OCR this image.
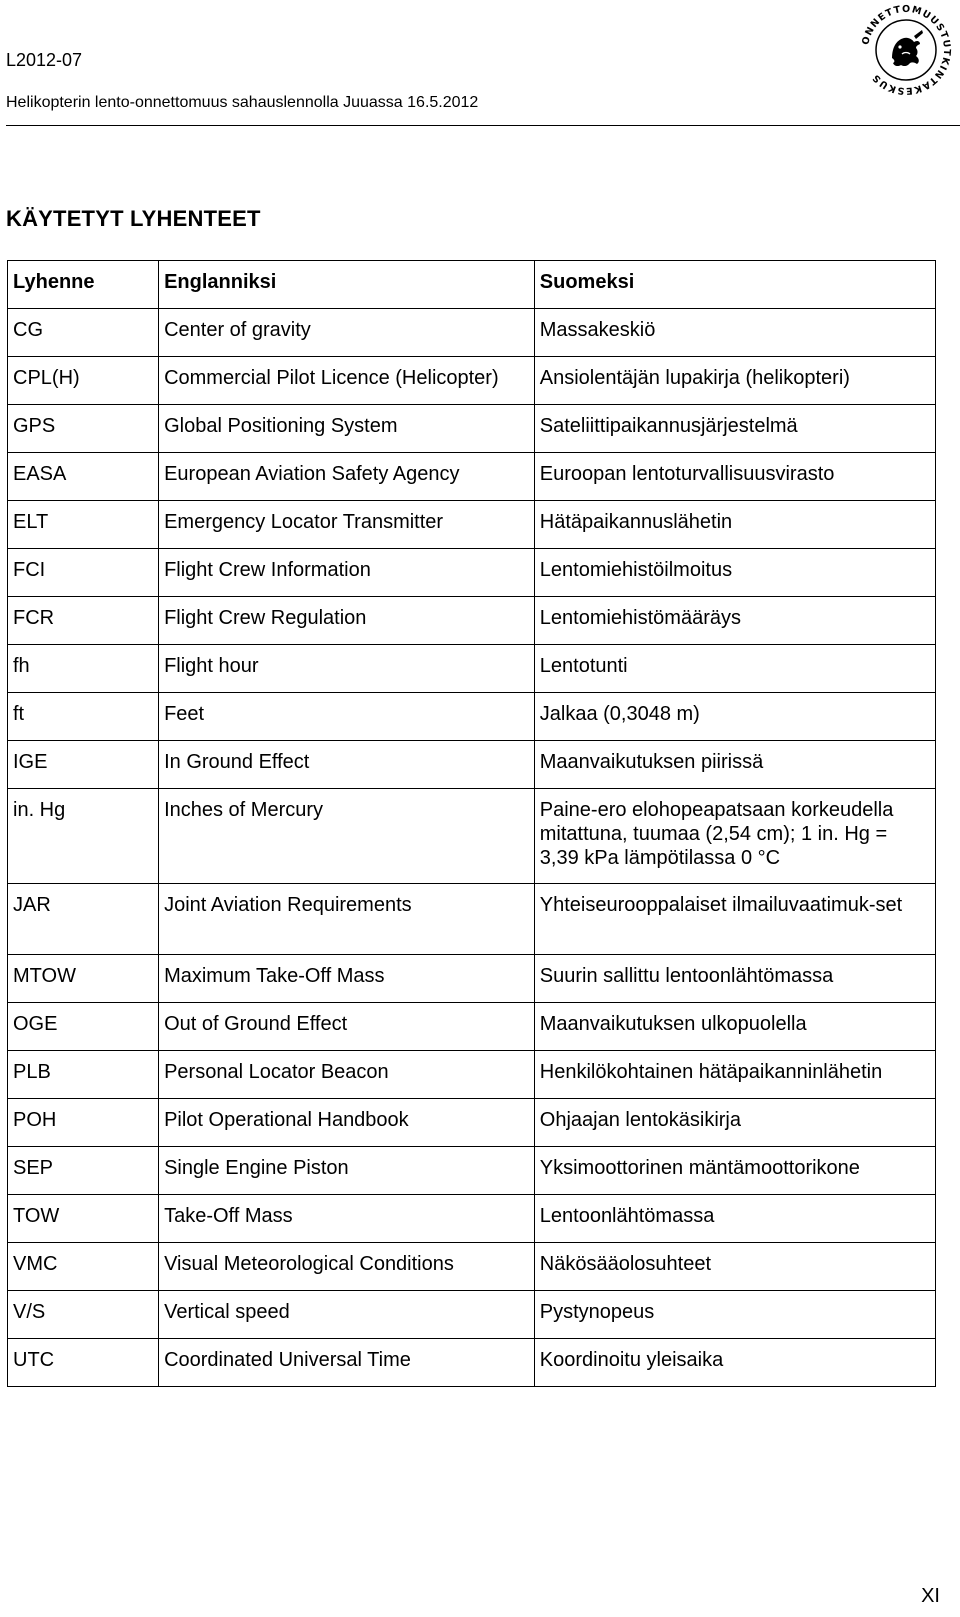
L2012-07
Helikopterin lento-onnettomuus sahauslennolla Juuassa 16.5.2012
ONNETTOMUUSTUTKINTAKESKUS
KÄYTETYT LYHENTEET
Lyhenne	Englanniksi	Suomeksi
CG	Center of gravity	Massakeskiö
CPL(H)	Commercial Pilot Licence (Helicopter)	Ansiolentäjän lupakirja (helikopteri)
GPS	Global Positioning System	Sateliittipaikannusjärjestelmä
EASA	European Aviation Safety Agency	Euroopan lentoturvallisuusvirasto
ELT	Emergency Locator Transmitter	Hätäpaikannuslähetin
FCI	Flight Crew Information	Lentomiehistöilmoitus
FCR	Flight Crew Regulation	Lentomiehistömääräys
fh	Flight hour	Lentotunti
ft	Feet	Jalkaa (0,3048 m)
IGE	In Ground Effect	Maanvaikutuksen piirissä
in. Hg	Inches of Mercury	Paine-ero elohopeapatsaan korkeudella mitattuna, tuumaa (2,54 cm); 1 in. Hg = 3,39 kPa lämpötilassa 0 °C
JAR	Joint Aviation Requirements	Yhteiseurooppalaiset ilmailuvaatimuk-set
MTOW	Maximum Take-Off Mass	Suurin sallittu lentoonlähtömassa
OGE	Out of Ground Effect	Maanvaikutuksen ulkopuolella
PLB	Personal Locator Beacon	Henkilökohtainen hätäpaikanninlähetin
POH	Pilot Operational Handbook	Ohjaajan lentokäsikirja
SEP	Single Engine Piston	Yksimoottorinen mäntämoottorikone
TOW	Take-Off Mass	Lentoonlähtömassa
VMC	Visual Meteorological Conditions	Näkösääolosuhteet
V/S	Vertical speed	Pystynopeus
UTC	Coordinated Universal Time	Koordinoitu yleisaika
XI
